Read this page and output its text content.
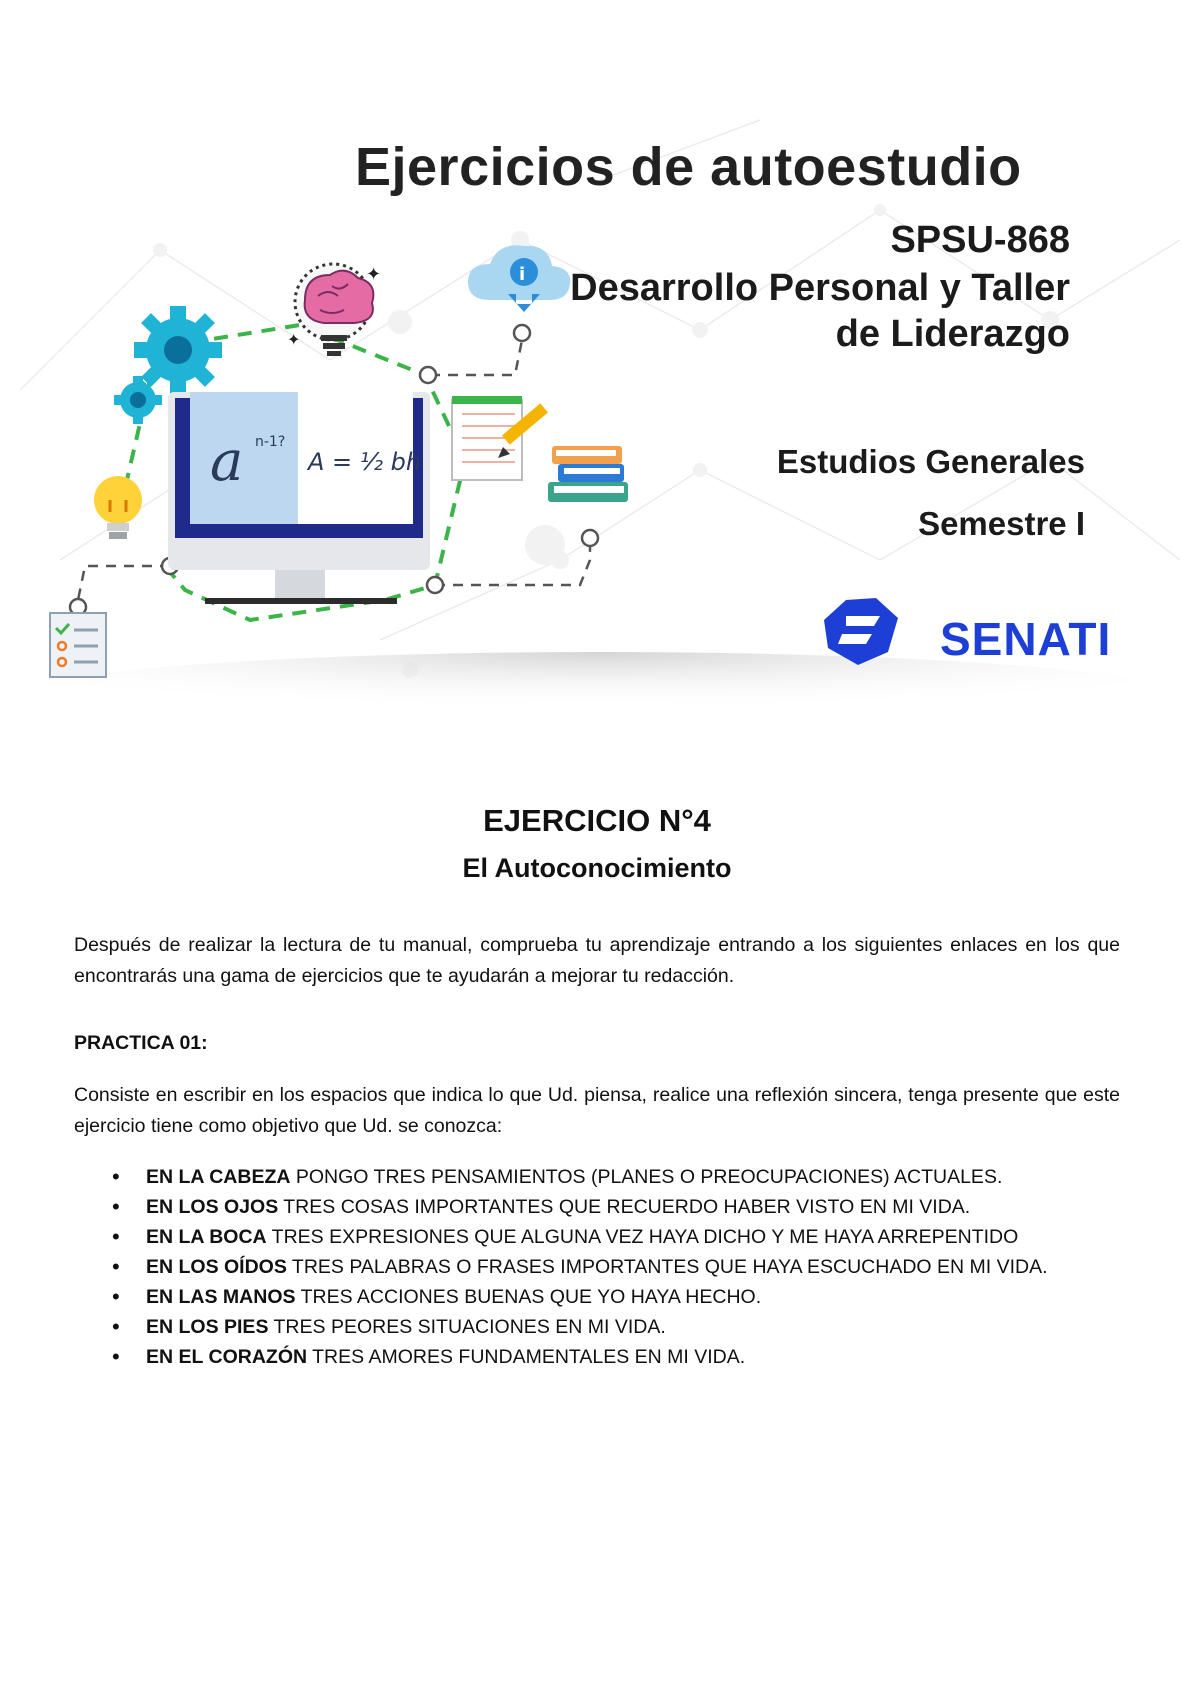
✦
✦
i
a n-1?
A = ½ bh
Ejercicios de autoestudio
SPSU-868
Desarrollo Personal y Taller de Liderazgo
Estudios Generales
Semestre I
SENATI
EJERCICIO N°4
El Autoconocimiento

Después de realizar la lectura de tu manual, comprueba tu aprendizaje entrando a los siguientes enlaces en los que encontrarás una gama de ejercicios que te ayudarán a mejorar tu redacción.

PRACTICA 01:

Consiste en escribir en los espacios que indica lo que Ud. piensa, realice una reflexión sincera, tenga presente que este ejercicio tiene como objetivo que Ud. se conozca:

• EN LA CABEZA PONGO TRES PENSAMIENTOS (PLANES O PREOCUPACIONES) ACTUALES.
• EN LOS OJOS TRES COSAS IMPORTANTES QUE RECUERDO HABER VISTO EN MI VIDA.
• EN LA BOCA TRES EXPRESIONES QUE ALGUNA VEZ HAYA DICHO Y ME HAYA ARREPENTIDO
• EN LOS OÍDOS TRES PALABRAS O FRASES IMPORTANTES QUE HAYA ESCUCHADO EN MI VIDA.
• EN LAS MANOS TRES ACCIONES BUENAS QUE YO HAYA HECHO.
• EN LOS PIES TRES PEORES SITUACIONES EN MI VIDA.
• EN EL CORAZÓN TRES AMORES FUNDAMENTALES EN MI VIDA.
